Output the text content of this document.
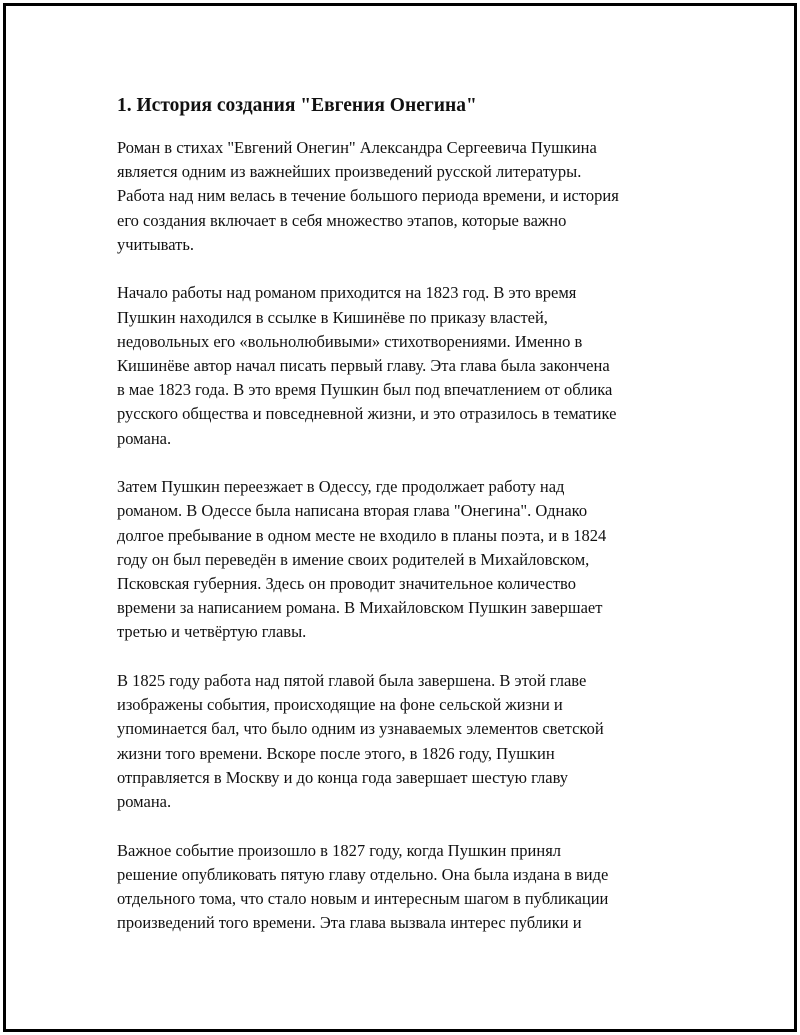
1. История создания "Евгения Онегина"

Роман в стихах "Евгений Онегин" Александра Сергеевича Пушкина
является одним из важнейших произведений русской литературы.
Работа над ним велась в течение большого периода времени, и история
его создания включает в себя множество этапов, которые важно
учитывать.

Начало работы над романом приходится на 1823 год. В это время
Пушкин находился в ссылке в Кишинёве по приказу властей,
недовольных его «вольнолюбивыми» стихотворениями. Именно в
Кишинёве автор начал писать первый главу. Эта глава была закончена
в мае 1823 года. В это время Пушкин был под впечатлением от облика
русского общества и повседневной жизни, и это отразилось в тематике
романа.

Затем Пушкин переезжает в Одессу, где продолжает работу над
романом. В Одессе была написана вторая глава "Онегина". Однако
долгое пребывание в одном месте не входило в планы поэта, и в 1824
году он был переведён в имение своих родителей в Михайловском,
Псковская губерния. Здесь он проводит значительное количество
времени за написанием романа. В Михайловском Пушкин завершает
третью и четвёртую главы.

В 1825 году работа над пятой главой была завершена. В этой главе
изображены события, происходящие на фоне сельской жизни и
упоминается бал, что было одним из узнаваемых элементов светской
жизни того времени. Вскоре после этого, в 1826 году, Пушкин
отправляется в Москву и до конца года завершает шестую главу
романа.

Важное событие произошло в 1827 году, когда Пушкин принял
решение опубликовать пятую главу отдельно. Она была издана в виде
отдельного тома, что стало новым и интересным шагом в публикации
произведений того времени. Эта глава вызвала интерес публики и
